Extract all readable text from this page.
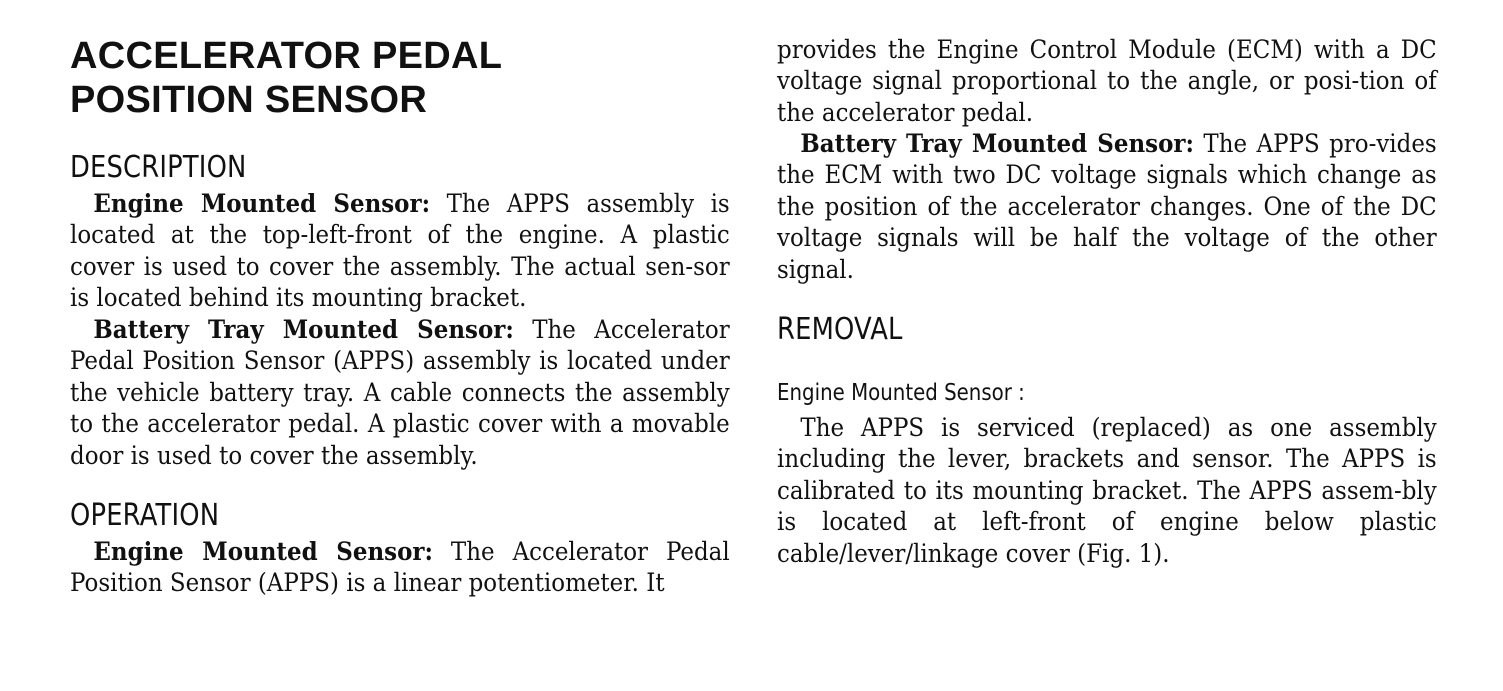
ACCELERATOR PEDAL
POSITION SENSOR
DESCRIPTION

Engine Mounted Sensor: The APPS assembly is located at the top-left-front of the engine. A plastic cover is used to cover the assembly. The actual sen-sor is located behind its mounting bracket.

Battery Tray Mounted Sensor: The Accelerator Pedal Position Sensor (APPS) assembly is located under the vehicle battery tray. A cable connects the assembly to the accelerator pedal. A plastic cover with a movable door is used to cover the assembly.

OPERATION

Engine Mounted Sensor: The Accelerator Pedal Position Sensor (APPS) is a linear potentiometer. It

provides the Engine Control Module (ECM) with a DC voltage signal proportional to the angle, or posi-tion of the accelerator pedal.

Battery Tray Mounted Sensor: The APPS pro-vides the ECM with two DC voltage signals which change as the position of the accelerator changes. One of the DC voltage signals will be half the voltage of the other signal.

REMOVAL
Engine Mounted Sensor :

The APPS is serviced (replaced) as one assembly including the lever, brackets and sensor. The APPS is calibrated to its mounting bracket. The APPS assem-bly is located at left-front of engine below plastic cable/lever/linkage cover (Fig. 1).
